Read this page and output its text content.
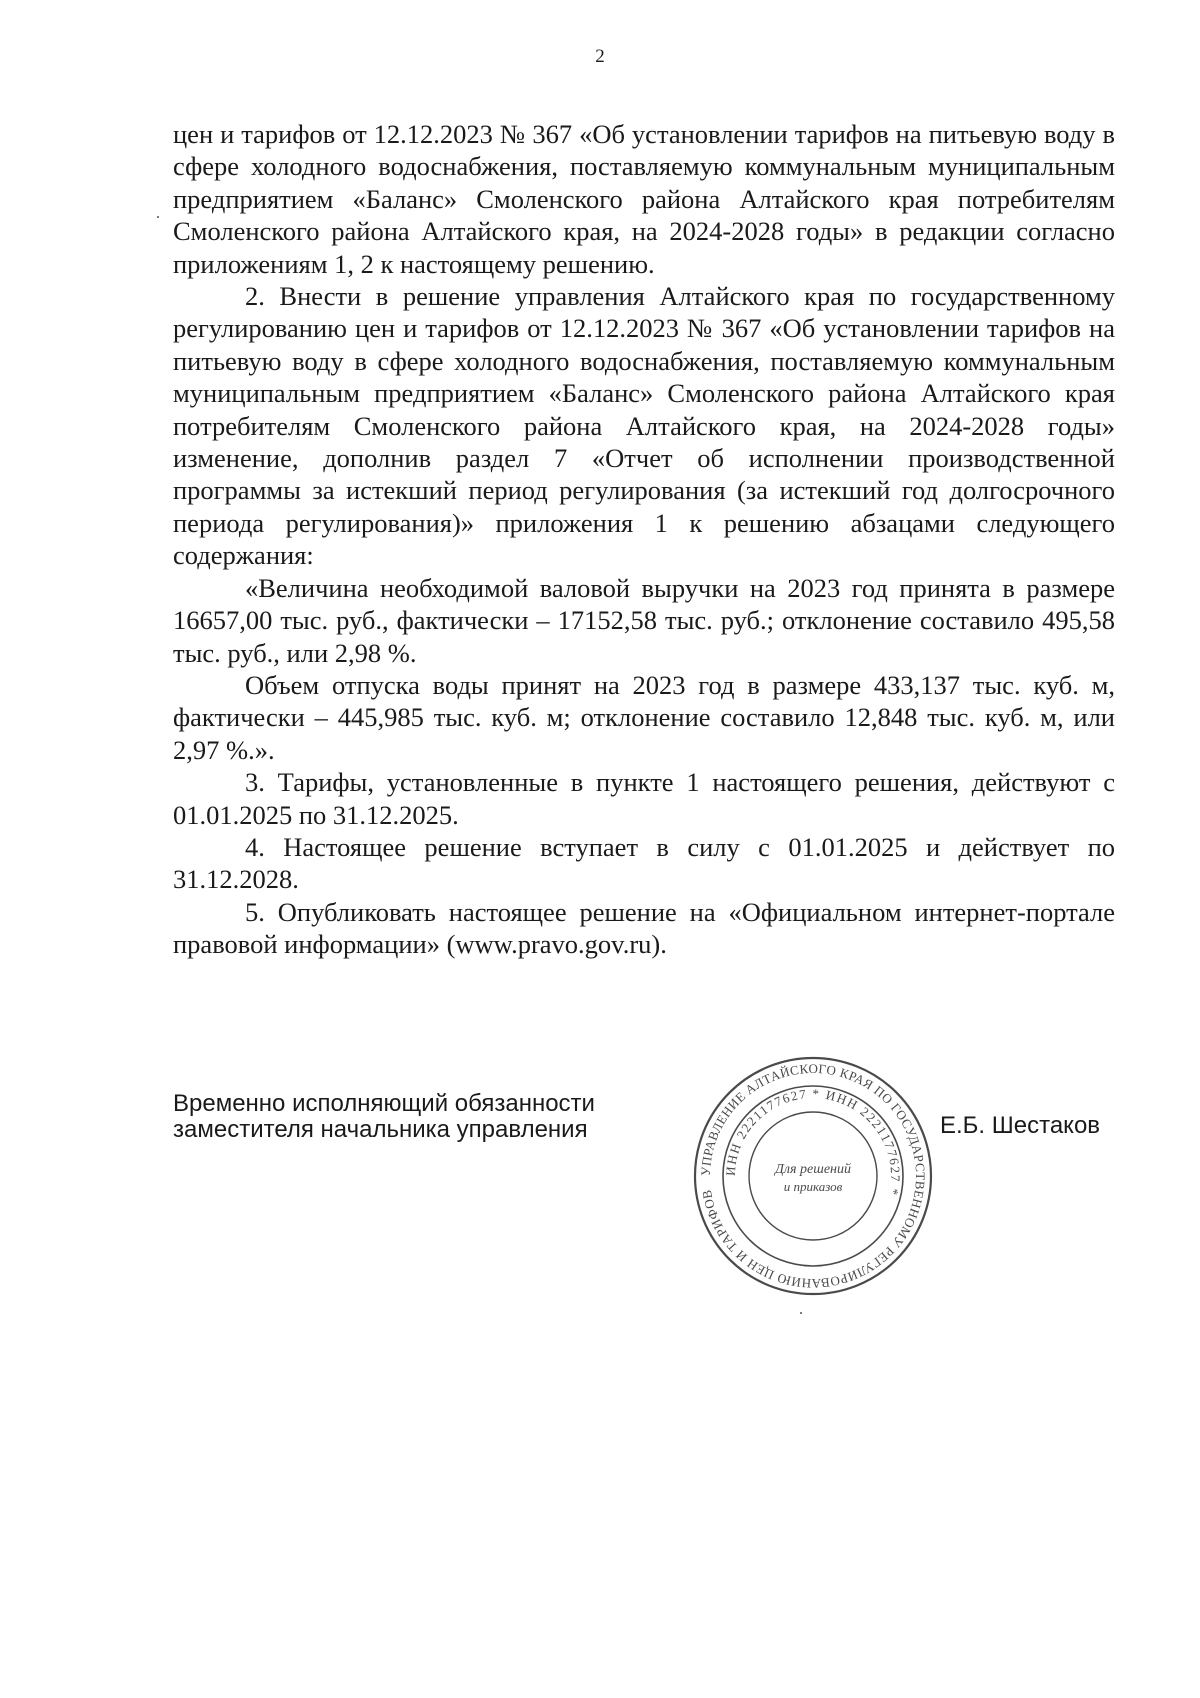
2

цен и тарифов от 12.12.2023 № 367 «Об установлении тарифов на питьевую воду в сфере холодного водоснабжения, поставляемую коммунальным муниципальным предприятием «Баланс» Смоленского района Алтайского края потребителям Смоленского района Алтайского края, на 2024-2028 годы» в редакции согласно приложениям 1, 2 к настоящему решению.

2. Внести в решение управления Алтайского края по государственному регулированию цен и тарифов от 12.12.2023 № 367 «Об установлении тарифов на питьевую воду в сфере холодного водоснабжения, поставляемую коммунальным муниципальным предприятием «Баланс» Смоленского района Алтайского края потребителям Смоленского района Алтайского края, на 2024-2028 годы» изменение, дополнив раздел 7 «Отчет об исполнении производственной программы за истекший период регулирования (за истекший год долгосрочного периода регулирования)» приложения 1 к решению абзацами следующего содержания:

«Величина необходимой валовой выручки на 2023 год принята в размере 16657,00 тыс. руб., фактически – 17152,58 тыс. руб.; отклонение составило 495,58 тыс. руб., или 2,98 %.

Объем отпуска воды принят на 2023 год в размере 433,137 тыс. куб. м, фактически – 445,985 тыс. куб. м; отклонение составило 12,848 тыс. куб. м, или 2,97 %.».

3. Тарифы, установленные в пункте 1 настоящего решения, действуют с 01.01.2025 по 31.12.2025.

4. Настоящее решение вступает в силу с 01.01.2025 и действует по 31.12.2028.

5. Опубликовать настоящее решение на «Официальном интернет-портале правовой информации» (www.pravo.gov.ru).

Временно исполняющий обязанности
заместителя начальника управления
УПРАВЛЕНИЕ АЛТАЙСКОГО КРАЯ ПО ГОСУДАРСТВЕННОМУ РЕГУЛИРОВАНИЮ ЦЕН И ТАРИФОВ
ИНН 2221177627 * ИНН 2221177627 *
Для решений
и приказов
Е.Б. Шестаков
